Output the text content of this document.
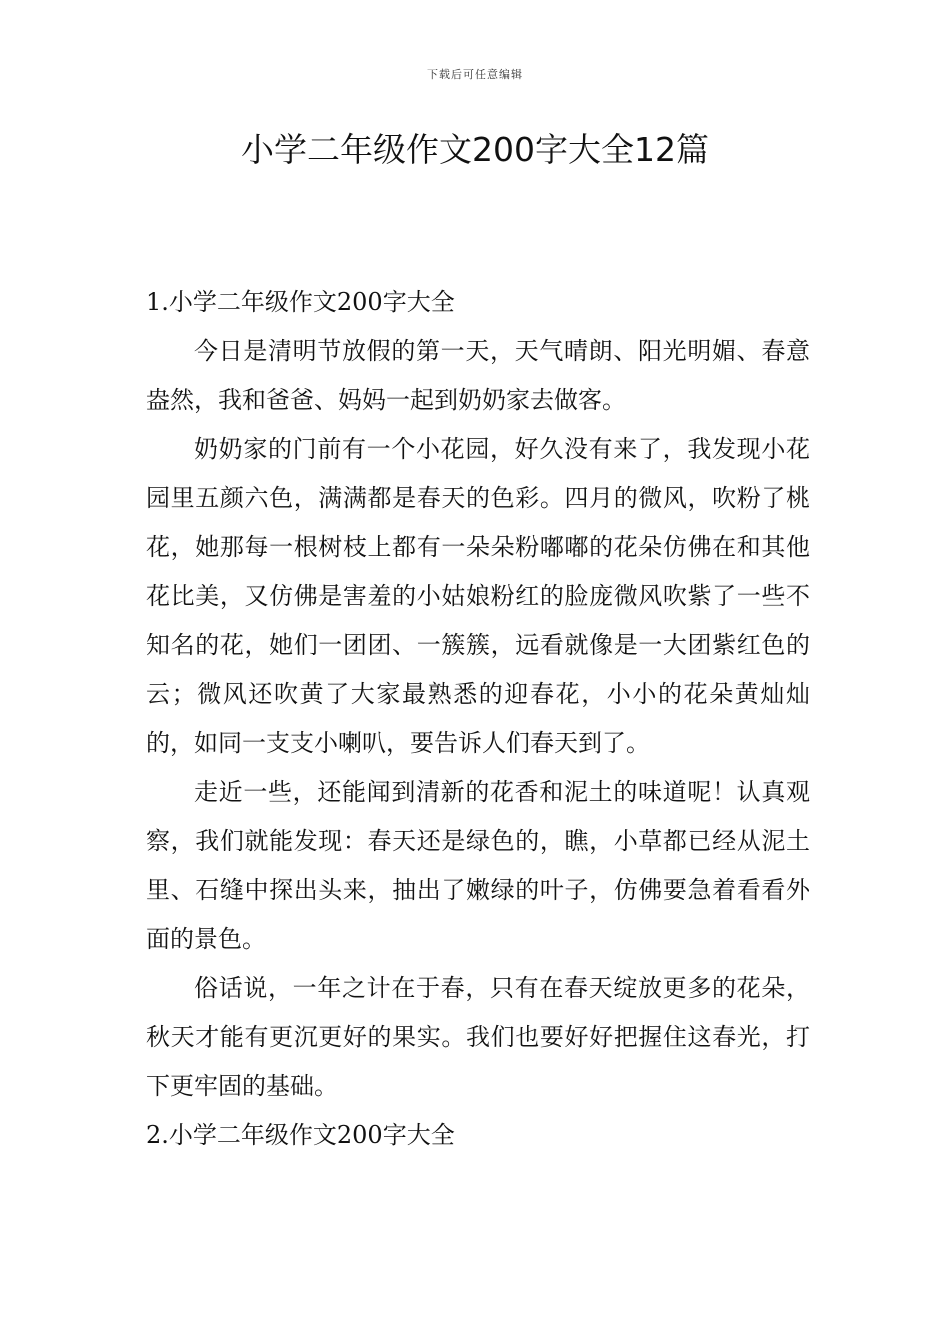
下载后可任意编辑
小学二年级作文200字大全12篇
1.小学二年级作文200字大全

今日是清明节放假的第一天，天气晴朗、阳光明媚、春意盎然，我和爸爸、妈妈一起到奶奶家去做客。

奶奶家的门前有一个小花园，好久没有来了，我发现小花园里五颜六色，满满都是春天的色彩。四月的微风，吹粉了桃花，她那每一根树枝上都有一朵朵粉嘟嘟的花朵仿佛在和其他花比美，又仿佛是害羞的小姑娘粉红的脸庞微风吹紫了一些不知名的花，她们一团团、一簇簇，远看就像是一大团紫红色的云；微风还吹黄了大家最熟悉的迎春花，小小的花朵黄灿灿的，如同一支支小喇叭，要告诉人们春天到了。

走近一些，还能闻到清新的花香和泥土的味道呢！认真观察，我们就能发现：春天还是绿色的，瞧，小草都已经从泥土里、石缝中探出头来，抽出了嫩绿的叶子，仿佛要急着看看外面的景色。

俗话说，一年之计在于春，只有在春天绽放更多的花朵，秋天才能有更沉更好的果实。我们也要好好把握住这春光，打下更牢固的基础。

2.小学二年级作文200字大全
